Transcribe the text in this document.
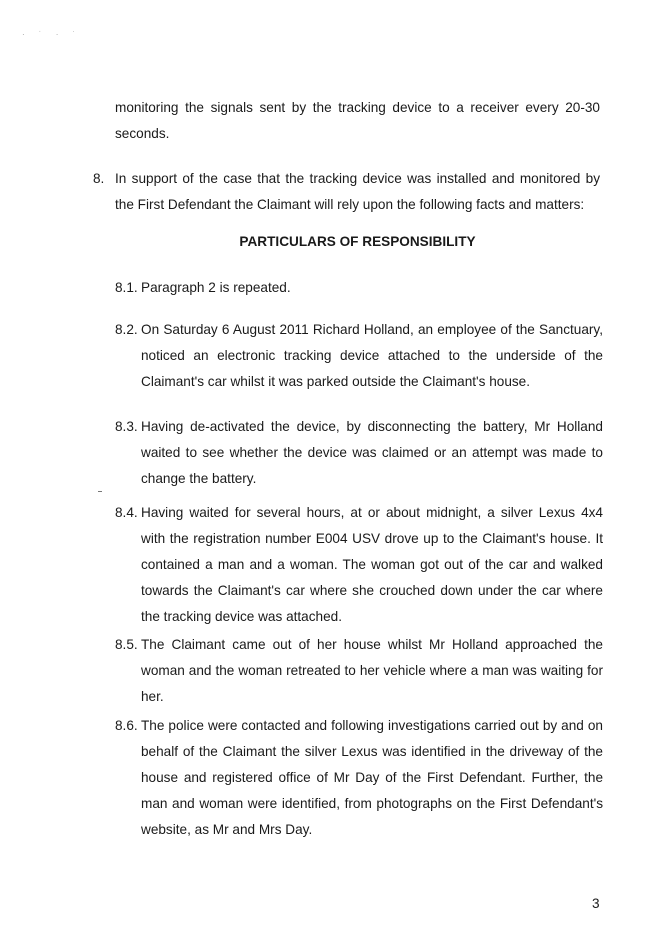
· ˙ · ˙
monitoring the signals sent by the tracking device to a receiver every 20-30 seconds.
8. In support of the case that the tracking device was installed and monitored by the First Defendant the Claimant will rely upon the following facts and matters:
PARTICULARS OF RESPONSIBILITY
8.1. Paragraph 2 is repeated.
8.2. On Saturday 6 August 2011 Richard Holland, an employee of the Sanctuary, noticed an electronic tracking device attached to the underside of the Claimant's car whilst it was parked outside the Claimant's house.
8.3. Having de-activated the device, by disconnecting the battery, Mr Holland waited to see whether the device was claimed or an attempt was made to change the battery.
8.4. Having waited for several hours, at or about midnight, a silver Lexus 4x4 with the registration number E004 USV drove up to the Claimant's house. It contained a man and a woman. The woman got out of the car and walked towards the Claimant's car where she crouched down under the car where the tracking device was attached.
8.5. The Claimant came out of her house whilst Mr Holland approached the woman and the woman retreated to her vehicle where a man was waiting for her.
8.6. The police were contacted and following investigations carried out by and on behalf of the Claimant the silver Lexus was identified in the driveway of the house and registered office of Mr Day of the First Defendant. Further, the man and woman were identified, from photographs on the First Defendant's website, as Mr and Mrs Day.
3
